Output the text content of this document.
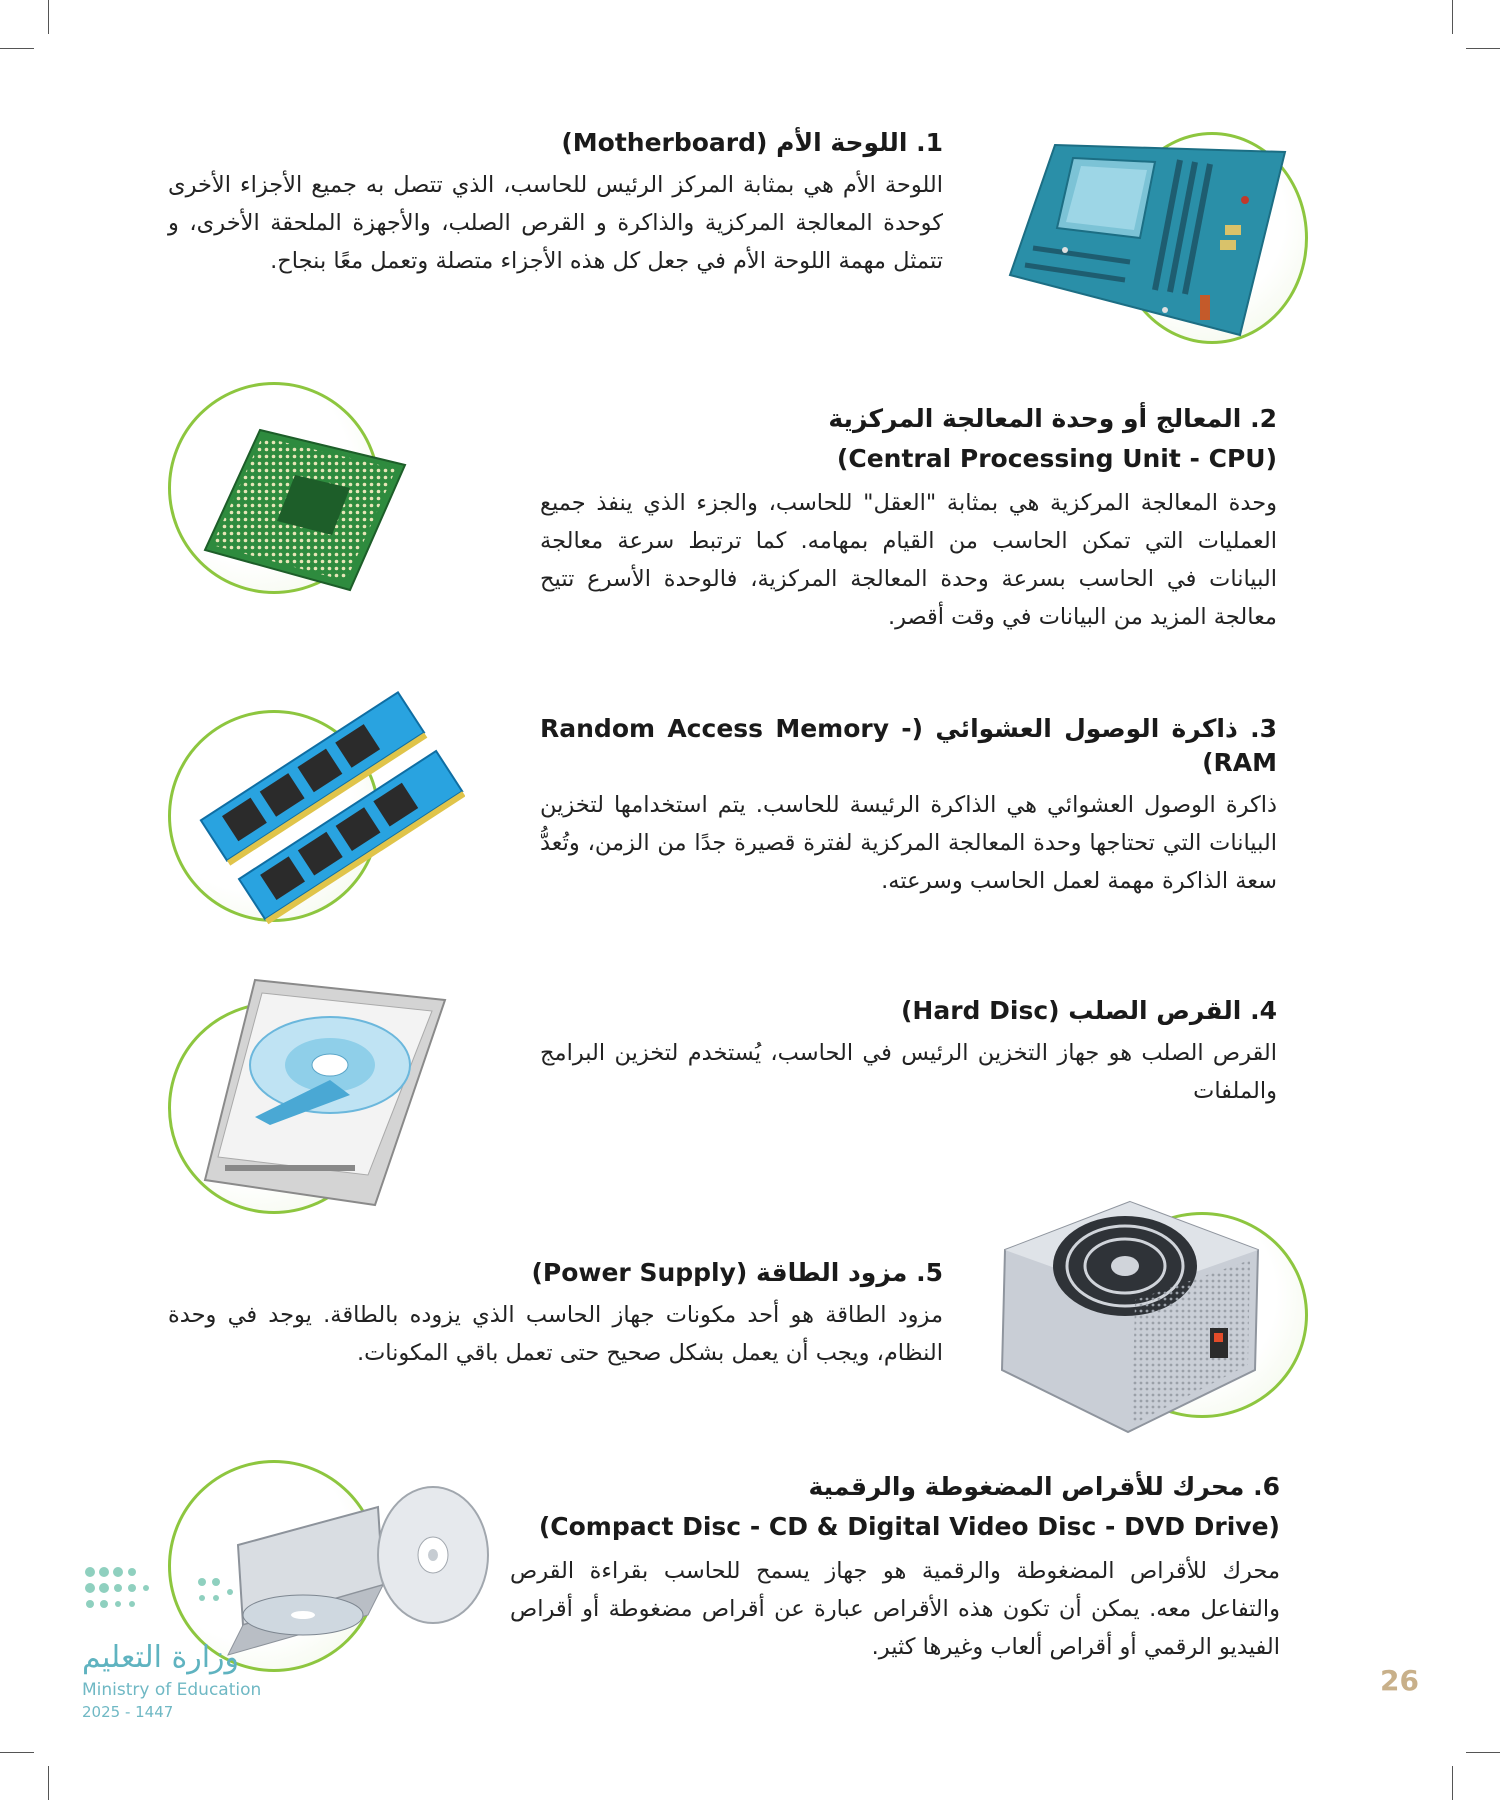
1. اللوحة الأم (Motherboard)

اللوحة الأم هي بمثابة المركز الرئيس للحاسب، الذي تتصل به جميع الأجزاء الأخرى كوحدة المعالجة المركزية والذاكرة و القرص الصلب، والأجهزة الملحقة الأخرى، و تتمثل مهمة اللوحة الأم في جعل كل هذه الأجزاء متصلة وتعمل معًا بنجاح.

2. المعالج أو وحدة المعالجة المركزية
(Central Processing Unit - CPU)

وحدة المعالجة المركزية هي بمثابة "العقل" للحاسب، والجزء الذي ينفذ جميع العمليات التي تمكن الحاسب من القيام بمهامه. كما ترتبط سرعة معالجة البيانات في الحاسب بسرعة وحدة المعالجة المركزية، فالوحدة الأسرع تتيح معالجة المزيد من البيانات في وقت أقصر.

3. ذاكرة الوصول العشوائي (Random Access Memory - RAM)

ذاكرة الوصول العشوائي هي الذاكرة الرئيسة للحاسب. يتم استخدامها لتخزين البيانات التي تحتاجها وحدة المعالجة المركزية لفترة قصيرة جدًا من الزمن، وتُعدُّ سعة الذاكرة مهمة لعمل الحاسب وسرعته.

4. القرص الصلب (Hard Disc)

القرص الصلب هو جهاز التخزين الرئيس في الحاسب، يُستخدم لتخزين البرامج والملفات

5. مزود الطاقة (Power Supply)

مزود الطاقة هو أحد مكونات جهاز الحاسب الذي يزوده بالطاقة. يوجد في وحدة النظام، ويجب أن يعمل بشكل صحيح حتى تعمل باقي المكونات.

6. محرك للأقراص المضغوطة والرقمية
(Compact Disc - CD & Digital Video Disc - DVD Drive)

محرك للأقراص المضغوطة والرقمية هو جهاز يسمح للحاسب بقراءة القرص والتفاعل معه. يمكن أن تكون هذه الأقراص عبارة عن أقراص مضغوطة أو أقراص الفيديو الرقمي أو أقراص ألعاب وغيرها كثير.

وزارة التعليم
Ministry of Education
2025 - 1447
26
